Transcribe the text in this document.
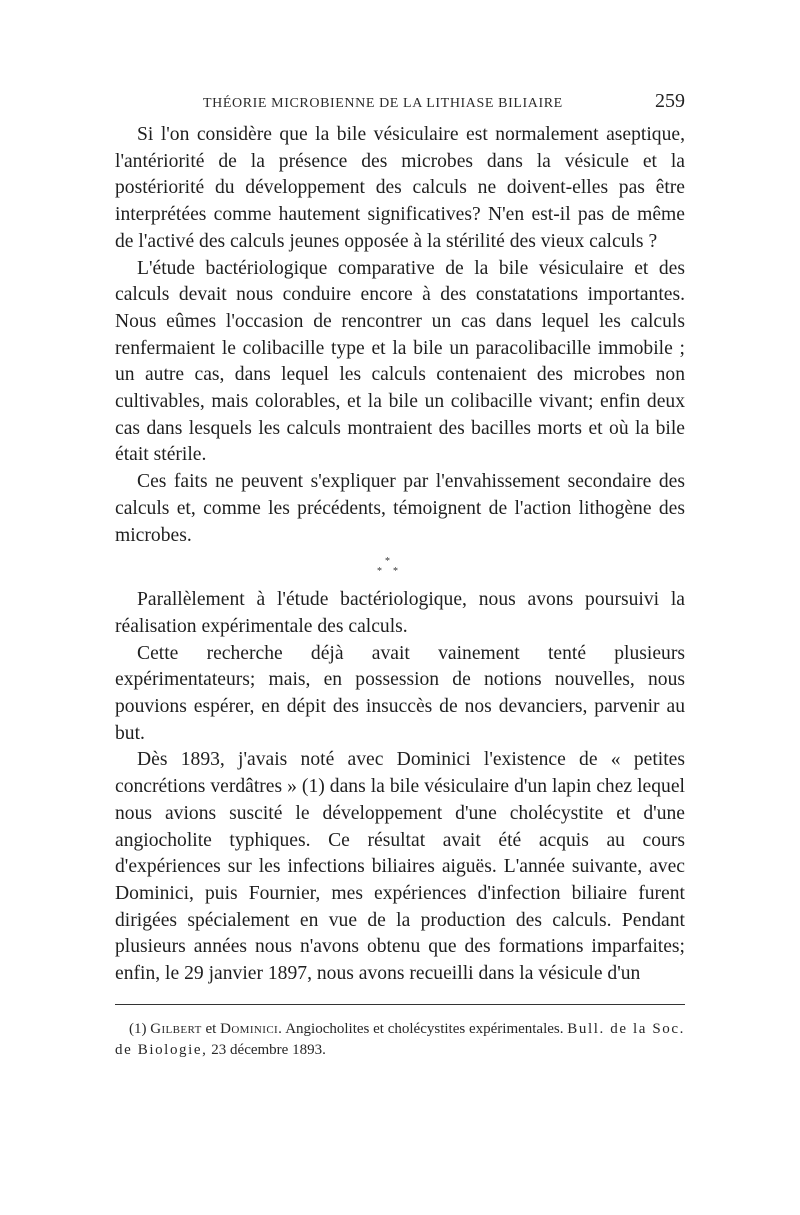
THÉORIE MICROBIENNE DE LA LITHIASE BILIAIRE	259

Si l'on considère que la bile vésiculaire est normalement aseptique, l'antériorité de la présence des microbes dans la vésicule et la postériorité du développement des calculs ne doivent-elles pas être interprétées comme hautement significatives? N'en est-il pas de même de l'activé des calculs jeunes opposée à la stérilité des vieux calculs ?

L'étude bactériologique comparative de la bile vésiculaire et des calculs devait nous conduire encore à des constatations importantes. Nous eûmes l'occasion de rencontrer un cas dans lequel les calculs renfermaient le colibacille type et la bile un paracolibacille immobile ; un autre cas, dans lequel les calculs contenaient des microbes non cultivables, mais colorables, et la bile un colibacille vivant; enfin deux cas dans lesquels les calculs montraient des bacilles morts et où la bile était stérile.

Ces faits ne peuvent s'expliquer par l'envahissement secondaire des calculs et, comme les précédents, témoignent de l'action lithogène des microbes.

*
* *

Parallèlement à l'étude bactériologique, nous avons poursuivi la réalisation expérimentale des calculs.

Cette recherche déjà avait vainement tenté plusieurs expérimentateurs; mais, en possession de notions nouvelles, nous pouvions espérer, en dépit des insuccès de nos devanciers, parvenir au but.

Dès 1893, j'avais noté avec Dominici l'existence de « petites concrétions verdâtres » (1) dans la bile vésiculaire d'un lapin chez lequel nous avions suscité le développement d'une cholécystite et d'une angiocholite typhiques. Ce résultat avait été acquis au cours d'expériences sur les infections biliaires aiguës. L'année suivante, avec Dominici, puis Fournier, mes expériences d'infection biliaire furent dirigées spécialement en vue de la production des calculs. Pendant plusieurs années nous n'avons obtenu que des formations imparfaites; enfin, le 29 janvier 1897, nous avons recueilli dans la vésicule d'un

(1) Gilbert et Dominici. Angiocholites et cholécystites expérimentales. Bull. de la Soc. de Biologie, 23 décembre 1893.
